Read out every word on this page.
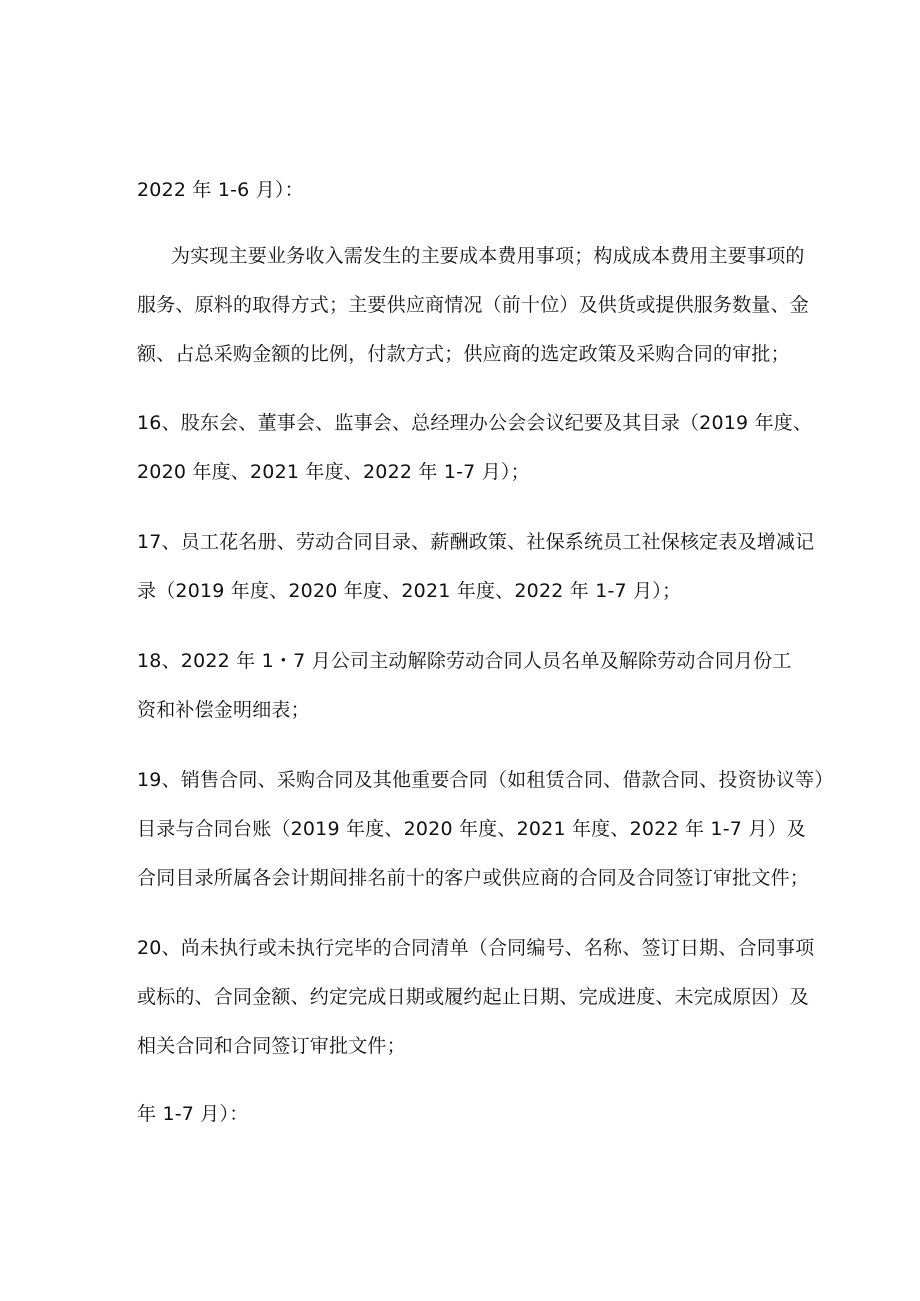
2022 年 1-6 月）：
为实现主要业务收入需发生的主要成本费用事项；构成成本费用主要事项的
服务、原料的取得方式；主要供应商情况（前十位）及供货或提供服务数量、金
额、占总采购金额的比例，付款方式；供应商的选定政策及采购合同的审批；
16、股东会、董事会、监事会、总经理办公会会议纪要及其目录（2019 年度、
2020 年度、2021 年度、2022 年 1-7 月）；
17、员工花名册、劳动合同目录、薪酬政策、社保系统员工社保核定表及增减记
录（2019 年度、2020 年度、2021 年度、2022 年 1-7 月）；
18、2022 年 1・7 月公司主动解除劳动合同人员名单及解除劳动合同月份工
资和补偿金明细表；
19、销售合同、采购合同及其他重要合同（如租赁合同、借款合同、投资协议等）
目录与合同台账（2019 年度、2020 年度、2021 年度、2022 年 1-7 月）及
合同目录所属各会计期间排名前十的客户或供应商的合同及合同签订审批文件；
20、尚未执行或未执行完毕的合同清单（合同编号、名称、签订日期、合同事项
或标的、合同金额、约定完成日期或履约起止日期、完成进度、未完成原因）及
相关合同和合同签订审批文件；
年 1-7 月）：
